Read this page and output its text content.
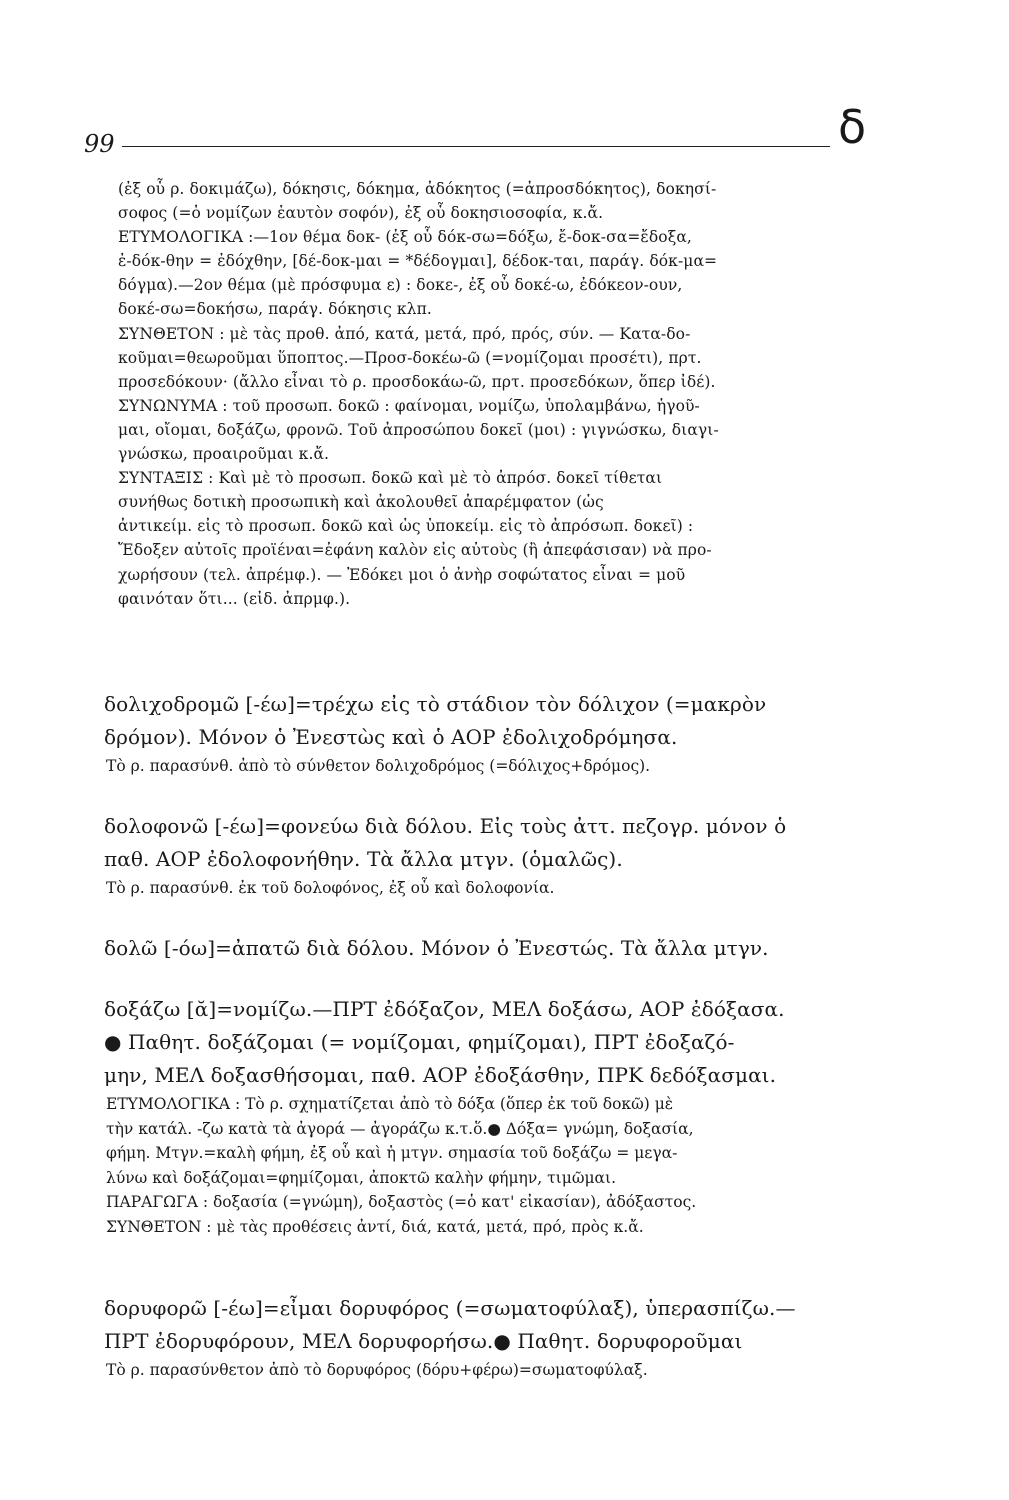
99	δ
(ἐξ οὗ ρ. δοκιμάζω), δόκησις, δόκημα, ἀδόκητος (=ἀπροσδόκητος), δοκησί-
σοφος (=ὁ νομίζων ἑαυτὸν σοφόν), ἐξ οὗ δοκησιοσοφία, κ.ἄ.
ΕΤΥΜΟΛΟΓΙΚΑ :—1ον θέμα δοκ- (ἐξ οὗ δόκ-σω=δόξω, ἔ-δοκ-σα=ἔδοξα,
ἐ-δόκ-θην = ἐδόχθην, [δέ-δοκ-μαι = *δέδογμαι], δέδοκ-ται, παράγ. δόκ-μα=
δόγμα).—2ον θέμα (μὲ πρόσφυμα ε) : δοκε-, ἐξ οὗ δοκέ-ω, ἐδόκεον-ουν,
δοκέ-σω=δοκήσω, παράγ. δόκησις κλπ.
ΣΥΝΘΕΤΟΝ : μὲ τὰς προθ. ἀπό, κατά, μετά, πρό, πρός, σύν. — Κατα-δο-
κοῦμαι=θεωροῦμαι ὕποπτος.—Προσ-δοκέω-ῶ (=νομίζομαι προσέτι), πρτ.
προσεδόκουν· (ἄλλο εἶναι τὸ ρ. προσδοκάω-ῶ, πρτ. προσεδόκων, ὅπερ ἰδέ).
ΣΥΝΩΝΥΜΑ : τοῦ προσωπ. δοκῶ : φαίνομαι, νομίζω, ὑπολαμβάνω, ἡγοῦ-
μαι, οἴομαι, δοξάζω, φρονῶ. Τοῦ ἀπροσώπου δοκεῖ (μοι) : γιγνώσκω, διαγι-
γνώσκω, προαιροῦμαι κ.ἄ.
ΣΥΝΤΑΞΙΣ : Καὶ μὲ τὸ προσωπ. δοκῶ καὶ μὲ τὸ ἀπρόσ. δοκεῖ τίθεται
συνήθως δοτικὴ προσωπικὴ καὶ ἀκολουθεῖ ἀπαρέμφατον (ὡς
ἀντικείμ. εἰς τὸ προσωπ. δοκῶ καὶ ὡς ὑποκείμ. εἰς τὸ ἀπρόσωπ. δοκεῖ) :
Ἔδοξεν αὐτοῖς προϊέναι=ἐφάνη καλὸν εἰς αὐτοὺς (ἢ ἀπεφάσισαν) νὰ προ-
χωρήσουν (τελ. ἀπρέμφ.). — Ἐδόκει μοι ὁ ἀνὴρ σοφώτατος εἶναι = μοῦ
φαινόταν ὅτι... (εἰδ. ἀπρμφ.).
δολιχοδρομῶ [-έω]=τρέχω εἰς τὸ στάδιον τὸν δόλιχον (=μακρὸν
δρόμον). Μόνον ὁ Ἐνεστὼς καὶ ὁ ΑΟΡ ἐδολιχοδρόμησα.
Τὸ ρ. παρασύνθ. ἀπὸ τὸ σύνθετον δολιχοδρόμος (=δόλιχος+δρόμος).
δολοφονῶ [-έω]=φονεύω διὰ δόλου. Εἰς τοὺς ἀττ. πεζογρ. μόνον ὁ
παθ. ΑΟΡ ἐδολοφονήθην. Τὰ ἄλλα μτγν. (ὁμαλῶς).
Τὸ ρ. παρασύνθ. ἐκ τοῦ δολοφόνος, ἐξ οὗ καὶ δολοφονία.
δολῶ [-όω]=ἀπατῶ διὰ δόλου. Μόνον ὁ Ἐνεστώς. Τὰ ἄλλα μτγν.
δοξάζω [ᾰ]=νομίζω.—ΠΡΤ ἐδόξαζον, ΜΕΛ δοξάσω, ΑΟΡ ἐδόξασα.
● Παθητ. δοξάζομαι (= νομίζομαι, φημίζομαι), ΠΡΤ ἐδοξαζό-
μην, ΜΕΛ δοξασθήσομαι, παθ. ΑΟΡ ἐδοξάσθην, ΠΡΚ δεδόξασμαι.
ΕΤΥΜΟΛΟΓΙΚΑ : Τὸ ρ. σχηματίζεται ἀπὸ τὸ δόξα (ὅπερ ἐκ τοῦ δοκῶ) μὲ
τὴν κατάλ. -ζω κατὰ τὰ ἀγορά — ἀγοράζω κ.τ.ὅ.● Δόξα= γνώμη, δοξασία,
φήμη. Μτγν.=καλὴ φήμη, ἐξ οὗ καὶ ἡ μτγν. σημασία τοῦ δοξάζω = μεγα-
λύνω καὶ δοξάζομαι=φημίζομαι, ἀποκτῶ καλὴν φήμην, τιμῶμαι.
ΠΑΡΑΓΩΓΑ : δοξασία (=γνώμη), δοξαστὸς (=ὁ κατ' εἰκασίαν), ἀδόξαστος.
ΣΥΝΘΕΤΟΝ : μὲ τὰς προθέσεις ἀντί, διά, κατά, μετά, πρό, πρὸς κ.ἄ.
δορυφορῶ [-έω]=εἶμαι δορυφόρος (=σωματοφύλαξ), ὑπερασπίζω.—
ΠΡΤ ἐδορυφόρουν, ΜΕΛ δορυφορήσω.● Παθητ. δορυφοροῦμαι
Τὸ ρ. παρασύνθετον ἀπὸ τὸ δορυφόρος (δόρυ+φέρω)=σωματοφύλαξ.
